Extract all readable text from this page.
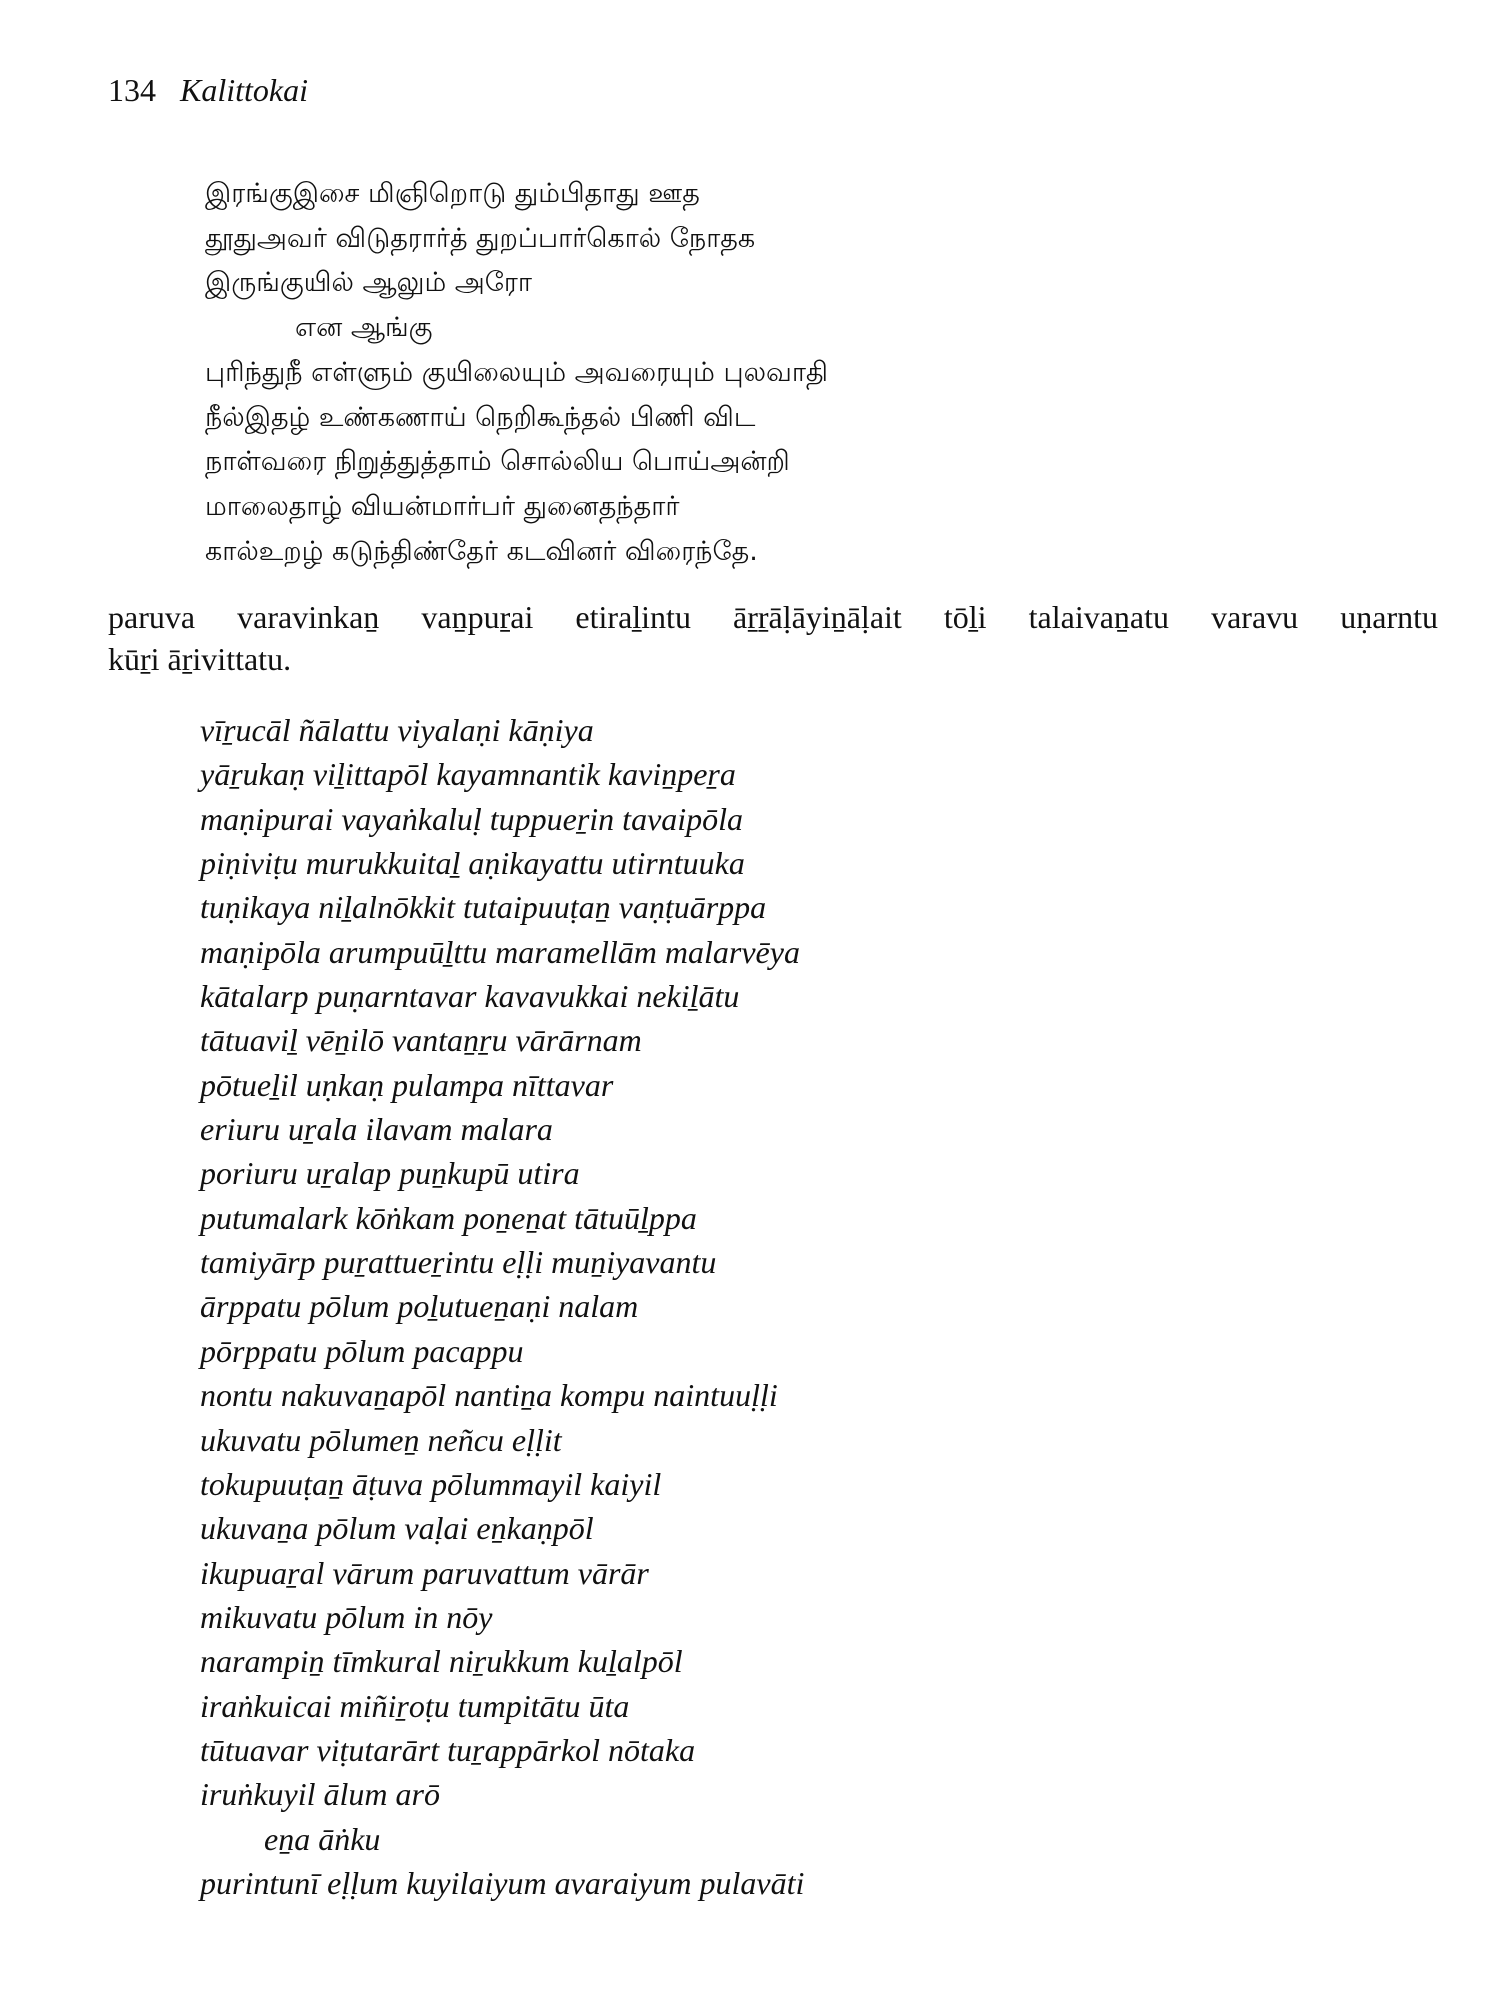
134 Kalittokai
இரங்குஇசை மிஞிறொடு தும்பிதாது ஊத
தூதுஅவர் விடுதரார்த் துறப்பார்கொல் நோதக
இருங்குயில் ஆலும் அரோ
என ஆங்கு
புரிந்துநீ எள்ளும் குயிலையும் அவரையும் புலவாதி
நீல்இதழ் உண்கணாய் நெறிகூந்தல் பிணி விட
நாள்வரை நிறுத்துத்தாம் சொல்லிய பொய்அன்றி
மாலைதாழ் வியன்மார்பர் துனைதந்தார்
கால்உறழ் கடுந்திண்தேர் கடவினர் விரைந்தே.

paruva varavinkaṉ vaṉpuṟai etiraḻintu āṟṟāḷāyiṉāḷait tōḻi talaivaṉatu varavu uṇarntu
kūṟi āṟivittatu.

vīṟucāl ñālattu viyalaṇi kāṇiya
yāṟukaṇ viḻittapōl kayamnantik kaviṉpeṟa
maṇipurai vayaṅkaluḷ tuppueṟin tavaipōla
piṇiviṭu murukkuitaḻ aṇikayattu utirntuuka
tuṇikaya niḻalnōkkit tutaipuuṭaṉ vaṇṭuārppa
maṇipōla arumpuūḻttu maramellām malarvēya
kātalarp puṇarntavar kavavukkai nekiḻātu
tātuaviḻ vēṉilō vantaṉṟu vārārnam
pōtueḻil uṇkaṇ pulampa nīttavar
eriuru uṟala ilavam malara
poriuru uṟalap puṉkupū utira
putumalark kōṅkam poṉeṉat tātuūḻppa
tamiyārp puṟattueṟintu eḷḷi muṉiyavantu
ārppatu pōlum poḻutueṉaṇi nalam
pōrppatu pōlum pacappu
nontu nakuvaṉapōl nantiṉa kompu naintuuḷḷi
ukuvatu pōlumeṉ neñcu eḷḷit
tokupuuṭaṉ āṭuva pōlummayil kaiyil
ukuvaṉa pōlum vaḷai eṉkaṇpōl
ikupuaṟal vārum paruvattum vārār
mikuvatu pōlum in nōy
narampiṉ tīmkural niṟukkum kuḻalpōl
iraṅkuicai miñiṟoṭu tumpitātu ūta
tūtuavar viṭutarārt tuṟappārkol nōtaka
iruṅkuyil ālum arō
eṉa āṅku
purintunī eḷḷum kuyilaiyum avaraiyum pulavāti
